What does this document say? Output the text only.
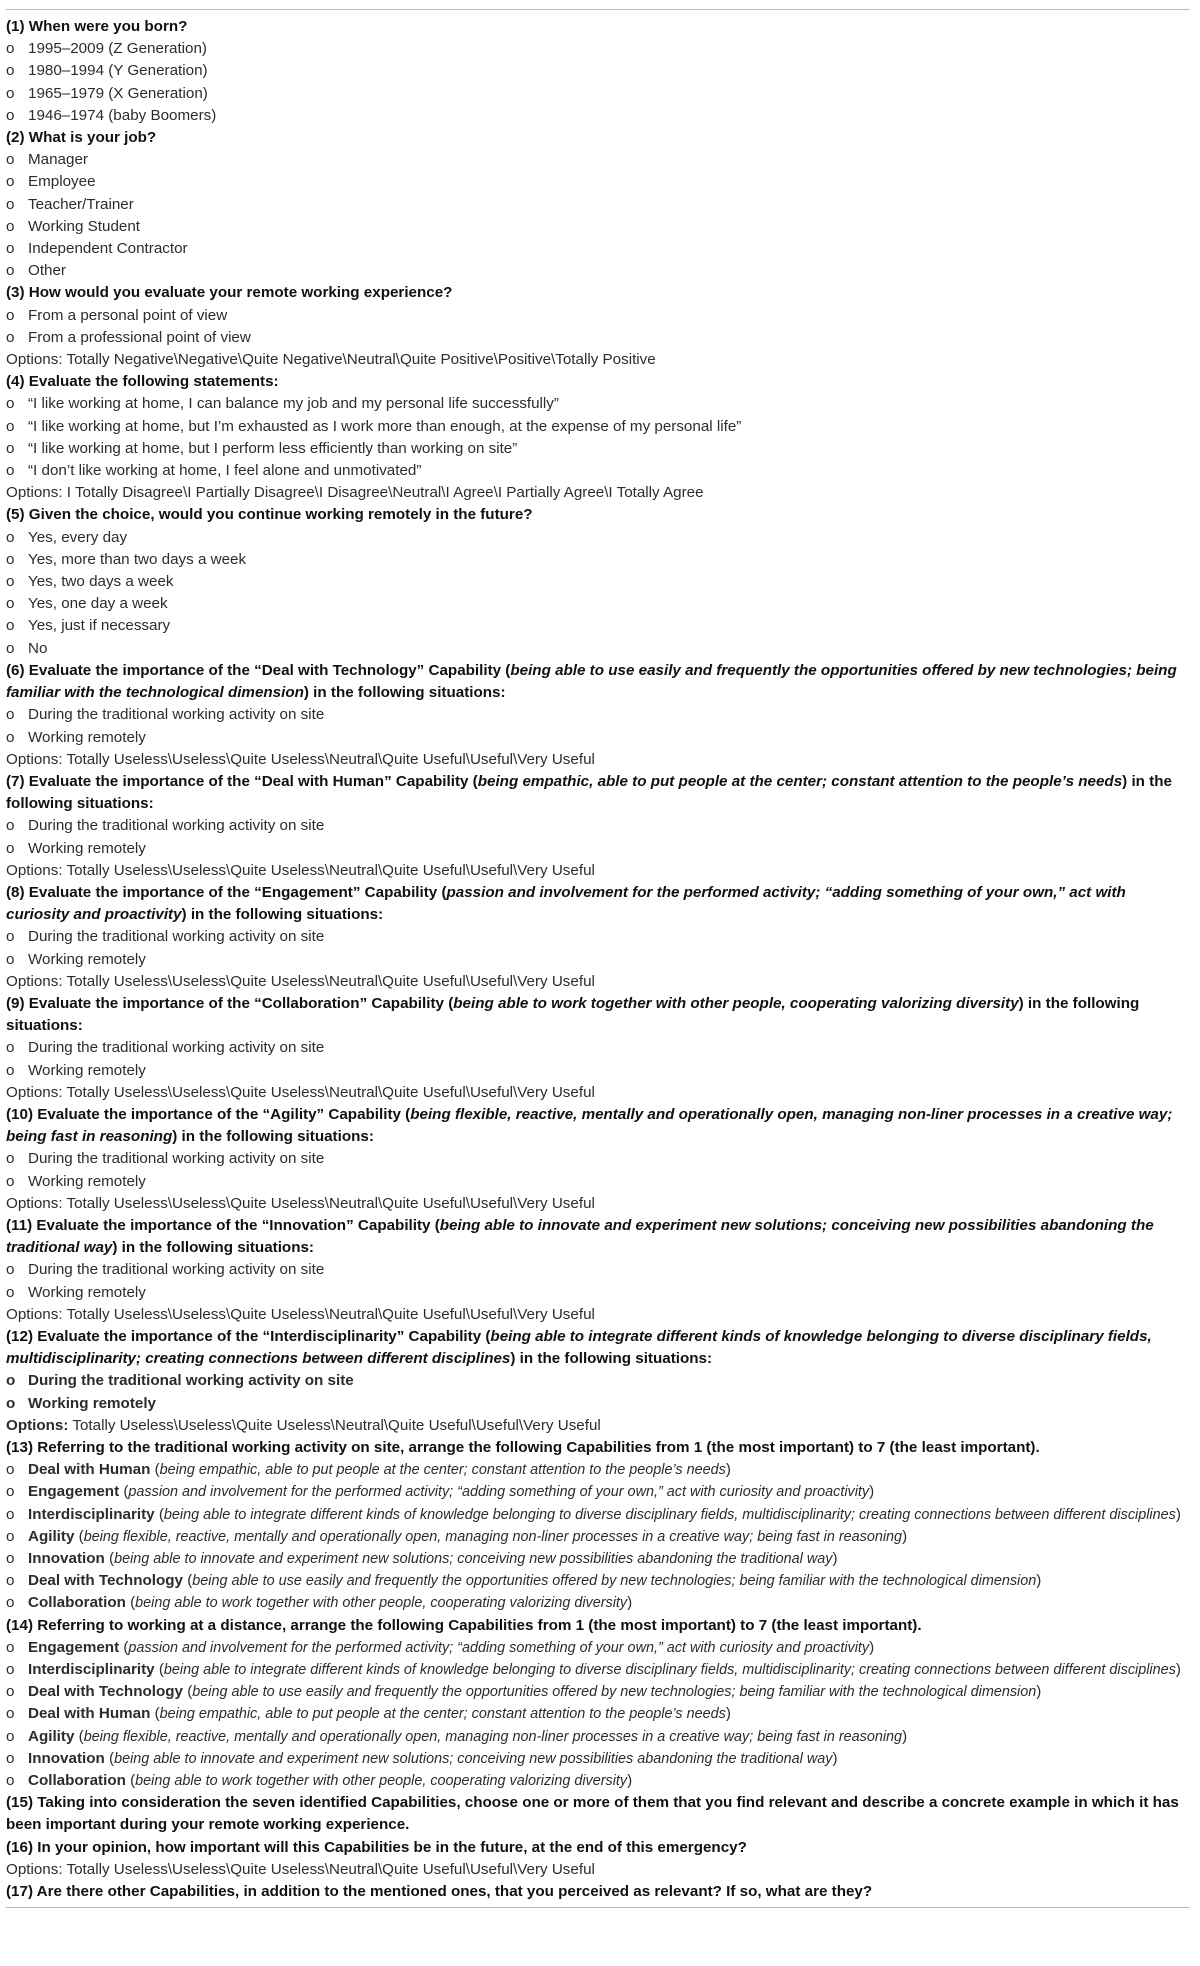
(1) When were you born?
o 1995–2009 (Z Generation)
o 1980–1994 (Y Generation)
o 1965–1979 (X Generation)
o 1946–1974 (baby Boomers)
(2) What is your job?
o Manager
o Employee
o Teacher/Trainer
o Working Student
o Independent Contractor
o Other
(3) How would you evaluate your remote working experience?
o From a personal point of view
o From a professional point of view
Options: Totally Negative\Negative\Quite Negative\Neutral\Quite Positive\Positive\Totally Positive
(4) Evaluate the following statements:
o “I like working at home, I can balance my job and my personal life successfully”
o “I like working at home, but I’m exhausted as I work more than enough, at the expense of my personal life”
o “I like working at home, but I perform less efficiently than working on site”
o “I don’t like working at home, I feel alone and unmotivated”
Options: I Totally Disagree\I Partially Disagree\I Disagree\Neutral\I Agree\I Partially Agree\I Totally Agree
(5) Given the choice, would you continue working remotely in the future?
o Yes, every day
o Yes, more than two days a week
o Yes, two days a week
o Yes, one day a week
o Yes, just if necessary
o No
(6) Evaluate the importance of the “Deal with Technology” Capability (being able to use easily and frequently the opportunities offered by new technologies; being familiar with the technological dimension) in the following situations:
o During the traditional working activity on site
o Working remotely
Options: Totally Useless\Useless\Quite Useless\Neutral\Quite Useful\Useful\Very Useful
(7) Evaluate the importance of the “Deal with Human” Capability (being empathic, able to put people at the center; constant attention to the people’s needs) in the following situations:
o During the traditional working activity on site
o Working remotely
Options: Totally Useless\Useless\Quite Useless\Neutral\Quite Useful\Useful\Very Useful
(8) Evaluate the importance of the “Engagement” Capability (passion and involvement for the performed activity; “adding something of your own,” act with curiosity and proactivity) in the following situations:
o During the traditional working activity on site
o Working remotely
Options: Totally Useless\Useless\Quite Useless\Neutral\Quite Useful\Useful\Very Useful
(9) Evaluate the importance of the “Collaboration” Capability (being able to work together with other people, cooperating valorizing diversity) in the following situations:
o During the traditional working activity on site
o Working remotely
Options: Totally Useless\Useless\Quite Useless\Neutral\Quite Useful\Useful\Very Useful
(10) Evaluate the importance of the “Agility” Capability (being flexible, reactive, mentally and operationally open, managing non-liner processes in a creative way; being fast in reasoning) in the following situations:
o During the traditional working activity on site
o Working remotely
Options: Totally Useless\Useless\Quite Useless\Neutral\Quite Useful\Useful\Very Useful
(11) Evaluate the importance of the “Innovation” Capability (being able to innovate and experiment new solutions; conceiving new possibilities abandoning the traditional way) in the following situations:
o During the traditional working activity on site
o Working remotely
Options: Totally Useless\Useless\Quite Useless\Neutral\Quite Useful\Useful\Very Useful
(12) Evaluate the importance of the “Interdisciplinarity” Capability (being able to integrate different kinds of knowledge belonging to diverse disciplinary fields, multidisciplinarity; creating connections between different disciplines) in the following situations:
o During the traditional working activity on site
o Working remotely
Options: Totally Useless\Useless\Quite Useless\Neutral\Quite Useful\Useful\Very Useful
(13) Referring to the traditional working activity on site, arrange the following Capabilities from 1 (the most important) to 7 (the least important).
o Deal with Human (being empathic, able to put people at the center; constant attention to the people’s needs)
o Engagement (passion and involvement for the performed activity; “adding something of your own,” act with curiosity and proactivity)
o Interdisciplinarity (being able to integrate different kinds of knowledge belonging to diverse disciplinary fields, multidisciplinarity; creating connections between different disciplines)
o Agility (being flexible, reactive, mentally and operationally open, managing non-liner processes in a creative way; being fast in reasoning)
o Innovation (being able to innovate and experiment new solutions; conceiving new possibilities abandoning the traditional way)
o Deal with Technology (being able to use easily and frequently the opportunities offered by new technologies; being familiar with the technological dimension)
o Collaboration (being able to work together with other people, cooperating valorizing diversity)
(14) Referring to working at a distance, arrange the following Capabilities from 1 (the most important) to 7 (the least important).
o Engagement (passion and involvement for the performed activity; “adding something of your own,” act with curiosity and proactivity)
o Interdisciplinarity (being able to integrate different kinds of knowledge belonging to diverse disciplinary fields, multidisciplinarity; creating connections between different disciplines)
o Deal with Technology (being able to use easily and frequently the opportunities offered by new technologies; being familiar with the technological dimension)
o Deal with Human (being empathic, able to put people at the center; constant attention to the people’s needs)
o Agility (being flexible, reactive, mentally and operationally open, managing non-liner processes in a creative way; being fast in reasoning)
o Innovation (being able to innovate and experiment new solutions; conceiving new possibilities abandoning the traditional way)
o Collaboration (being able to work together with other people, cooperating valorizing diversity)
(15) Taking into consideration the seven identified Capabilities, choose one or more of them that you find relevant and describe a concrete example in which it has been important during your remote working experience.
(16) In your opinion, how important will this Capabilities be in the future, at the end of this emergency?
Options: Totally Useless\Useless\Quite Useless\Neutral\Quite Useful\Useful\Very Useful
(17) Are there other Capabilities, in addition to the mentioned ones, that you perceived as relevant? If so, what are they?
